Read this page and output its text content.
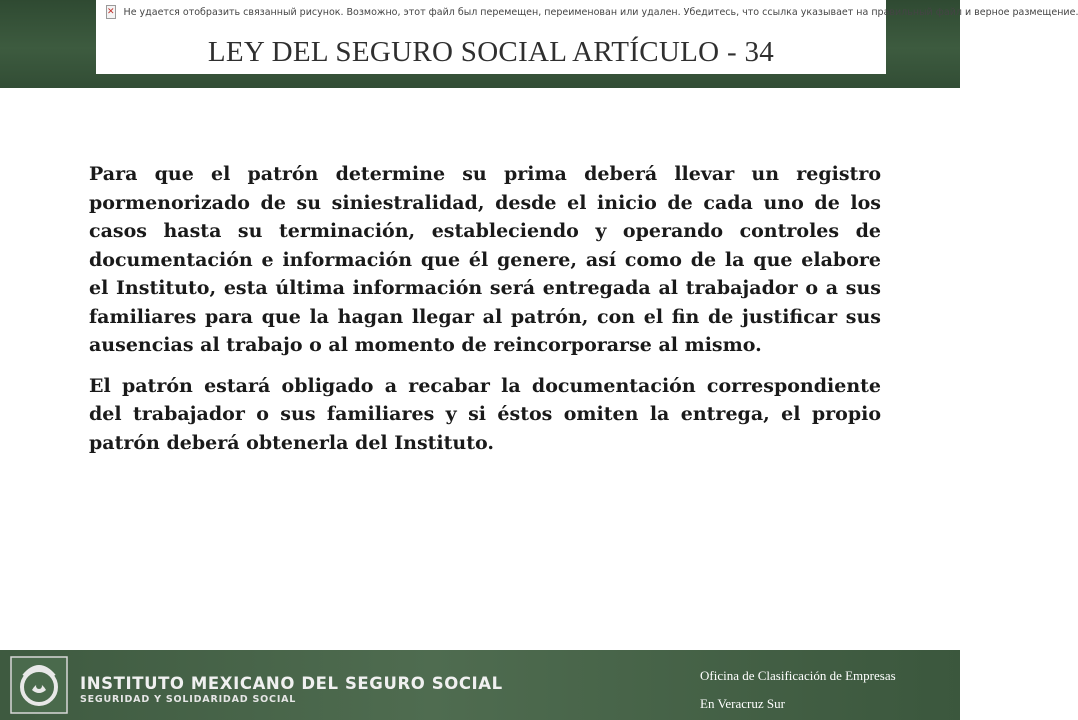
✕ Не удается отобразить связанный рисунок. Возможно, этот файл был перемещен, переименован или удален. Убедитесь, что ссылка указывает на правильный файл и верное размещение.
LEY DEL SEGURO SOCIAL ARTÍCULO - 34

Para que el patrón determine su prima deberá llevar un registro pormenorizado de su siniestralidad, desde el inicio de cada uno de los casos hasta su terminación, estableciendo y operando controles de documentación e información que él genere, así como de la que elabore el Instituto, esta última información será entregada al trabajador o a sus familiares para que la hagan llegar al patrón, con el fin de justificar sus ausencias al trabajo o al momento de reincorporarse al mismo.

El patrón estará obligado a recabar la documentación correspondiente del trabajador o sus familiares y si éstos omiten la entrega, el propio patrón deberá obtenerla del Instituto.

INSTITUTO MEXICANO DEL SEGURO SOCIAL
SEGURIDAD Y SOLIDARIDAD SOCIAL
Oficina de Clasificación de Empresas
En Veracruz Sur
